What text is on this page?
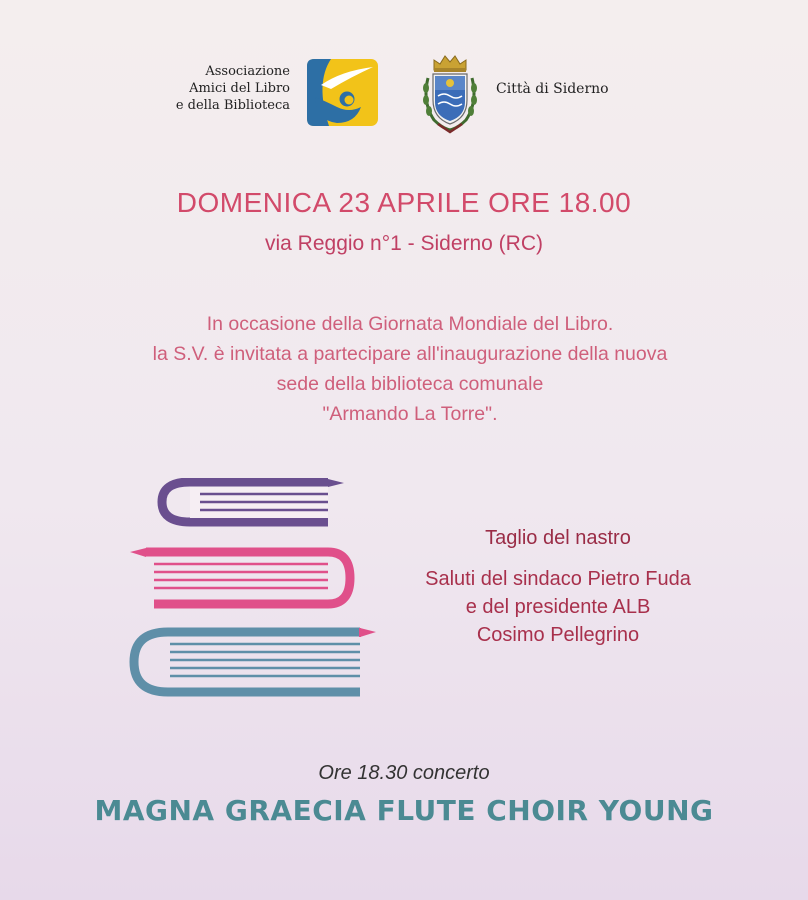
Associazione
Amici del Libro
e della Biblioteca
Città di Siderno
DOMENICA 23 APRILE ORE 18.00
via Reggio n°1 - Siderno (RC)
In occasione della Giornata Mondiale del Libro.
la S.V. è invitata a partecipare all'inaugurazione della nuova
sede della biblioteca comunale
"Armando La Torre".
Taglio del nastro
Saluti del sindaco Pietro Fuda
e del presidente ALB
Cosimo Pellegrino
Ore 18.30 concerto
MAGNA GRAECIA FLUTE CHOIR YOUNG
